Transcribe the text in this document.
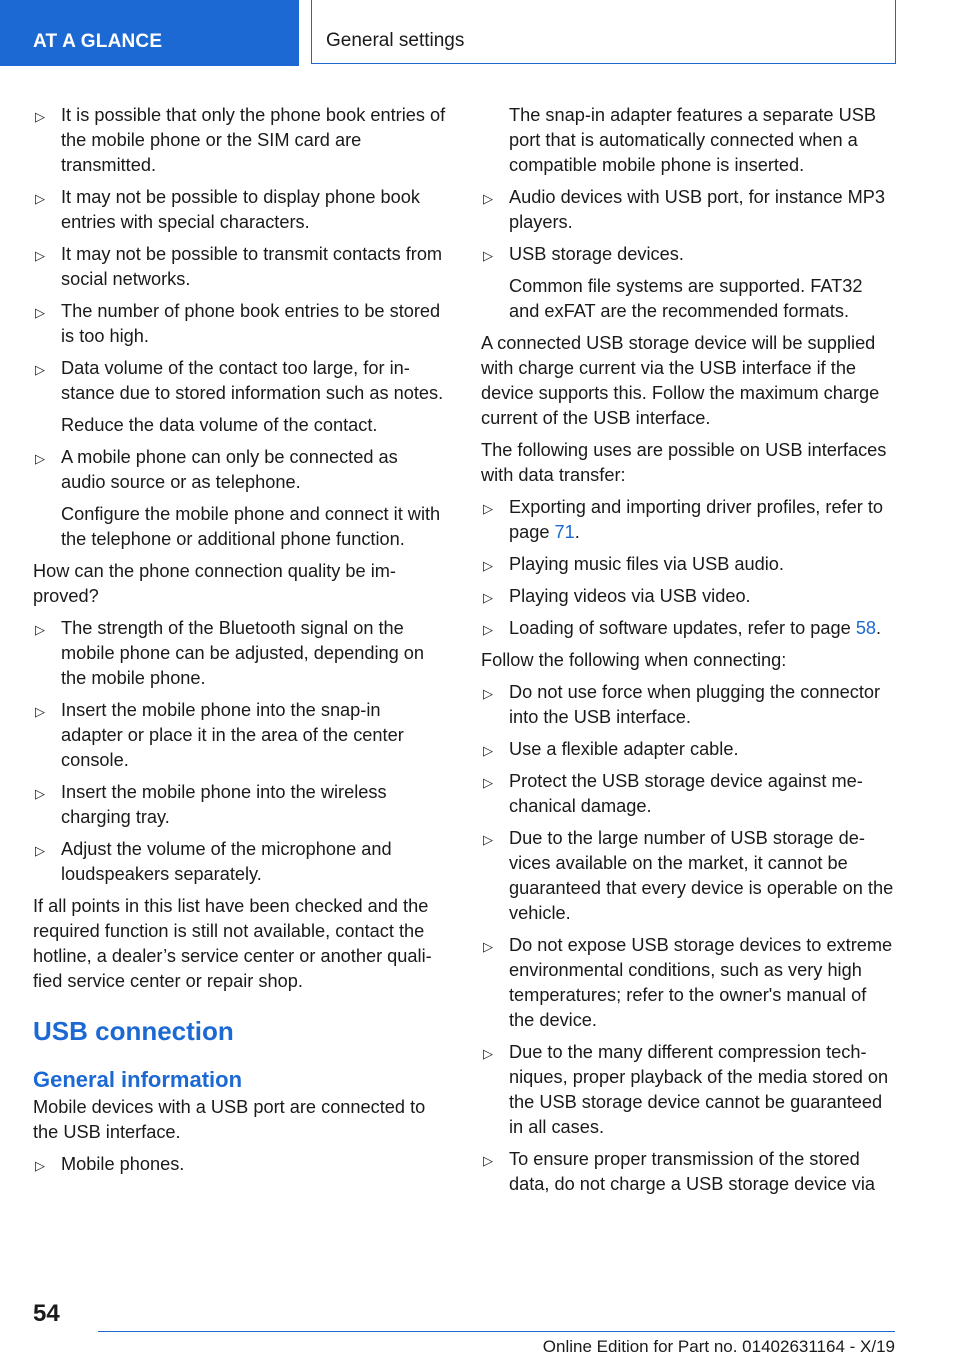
AT A GLANCE	General settings
▷ It is possible that only the phone book entries of the mobile phone or the SIM card are transmitted.

▷ It may not be possible to display phone book entries with special characters.

▷ It may not be possible to transmit contacts from social networks.

▷ The number of phone book entries to be stored is too high.

▷ Data volume of the contact too large, for instance due to stored information such as notes.

Reduce the data volume of the contact.

▷ A mobile phone can only be connected as audio source or as telephone.

Configure the mobile phone and connect it with the telephone or additional phone function.

How can the phone connection quality be improved?

▷ The strength of the Bluetooth signal on the mobile phone can be adjusted, depending on the mobile phone.

▷ Insert the mobile phone into the snap-in adapter or place it in the area of the center console.

▷ Insert the mobile phone into the wireless charging tray.

▷ Adjust the volume of the microphone and loudspeakers separately.

If all points in this list have been checked and the required function is still not available, contact the hotline, a dealer’s service center or another qualified service center or repair shop.

USB connection
General information

Mobile devices with a USB port are connected to the USB interface.

▷ Mobile phones.

The snap-in adapter features a separate USB port that is automatically connected when a compatible mobile phone is inserted.

▷ Audio devices with USB port, for instance MP3 players.

▷ USB storage devices.

Common file systems are supported. FAT32 and exFAT are the recommended formats.

A connected USB storage device will be supplied with charge current via the USB interface if the device supports this. Follow the maximum charge current of the USB interface.

The following uses are possible on USB interfaces with data transfer:

▷ Exporting and importing driver profiles, refer to page 71.

▷ Playing music files via USB audio.

▷ Playing videos via USB video.

▷ Loading of software updates, refer to page 58.

Follow the following when connecting:

▷ Do not use force when plugging the connector into the USB interface.

▷ Use a flexible adapter cable.

▷ Protect the USB storage device against mechanical damage.

▷ Due to the large number of USB storage devices available on the market, it cannot be guaranteed that every device is operable on the vehicle.

▷ Do not expose USB storage devices to extreme environmental conditions, such as very high temperatures; refer to the owner's manual of the device.

▷ Due to the many different compression techniques, proper playback of the media stored on the USB storage device cannot be guaranteed in all cases.

▷ To ensure proper transmission of the stored data, do not charge a USB storage device via

54
Online Edition for Part no. 01402631164 - X/19
